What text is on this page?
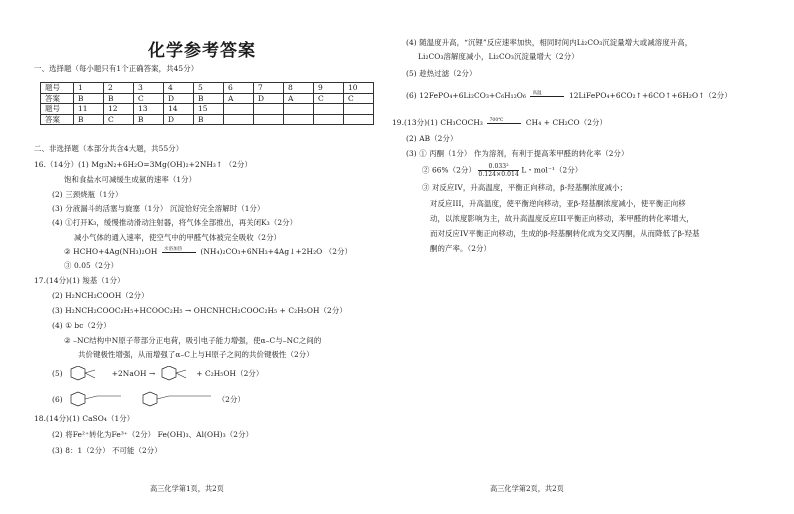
化学参考答案
一、选择题（每小题只有1个正确答案，共45分）
题号	1	2	3	4	5	6	7	8	9	10
答案	B	B	C	D	B	A	D	A	C	C
题号	11	12	13	14	15					
答案	B	C	B	D	B					
二、非选择题（本部分共含4大题，共55分）
16.（14分）(1) Mg₃N₂+6H₂O=3Mg(OH)₂+2NH₃↑ （2分）
饱和食盐水可减缓生成氨的速率（1分）
(2) 三颈烧瓶（1分）
(3) 分液漏斗的活塞与旋塞（1分） 沉淀恰好完全溶解时（1分）
(4) ①打开K₃，缓慢推动滑动注射器，将气体全部推出，再关闭K₃（2分）
减小气体的通入速率，使空气中的甲醛气体被完全吸收（2分）
② HCHO+4Ag(NH₃)₂OH 水浴加热 (NH₄)₂CO₃+6NH₃+4Ag↓+2H₂O （2分）
③ 0.05（2分）
17.(14分)(1) 羧基（1分）
(2) H₂NCH₂COOH（2分）
(3) H₂NCH₂COOC₂H₅+HCOOC₂H₅ → OHCNHCH₂COOC₂H₅ + C₂H₅OH（2分）
(4) ① bc（2分）
② –NC结构中N原子带部分正电荷，吸引电子能力增强，使α–C与–NC之间的
共价键极性增强，从而增强了α–C上与H原子之间的共价键极性（2分）
(5)	+2NaOH →	+ C₂H₅OH（2分）
(6)	（2分）
18.(14分)(1) CaSO₄（1分）
(2) 将Fe²⁺转化为Fe³⁺（2分） Fe(OH)₃、Al(OH)₃（2分）
(3) 8：1（2分） 不可能（2分）
高三化学第1页，共2页
(4) 随温度升高，“沉锂”反应速率加快，相同时间内Li₂CO₃沉淀量增大或减溶度升高，
Li₂CO₃溶解度减小，Li₂CO₃沉淀量增大（2分）
(5) 趁热过滤（2分）
(6) 12FePO₄+6Li₂CO₃+C₆H₁₂O₆ 高温	12LiFePO₄+6CO₂↑+6CO↑+6H₂O↑（2分）
19.(13分)(1) CH₃COCH₃ 700℃	CH₄ + CH₂CO（2分）
(2) AB（2分）
(3) ① 丙酮（1分） 作为溶剂，有利于提高苯甲醛的转化率（2分）
② 66%（2分） $\frac{\text{0.033²}}{0.124\times 0.014}$ L・mol⁻¹（2分）
③ 对反应IV，升高温度，平衡正向移动，β-羟基酮浓度减小；
对反应III，升高温度，使平衡逆向移动，亚β-羟基酮浓度减小，使平衡正向移
动，以浓度影响为主，故升高温度反应III平衡正向移动，苯甲醛的转化率增大，
而对反应IV平衡正向移动，生成的β-羟基酮转化成为交叉丙酮，从而降低了β-羟基
酮的产率。（2分）
高三化学第2页，共2页
